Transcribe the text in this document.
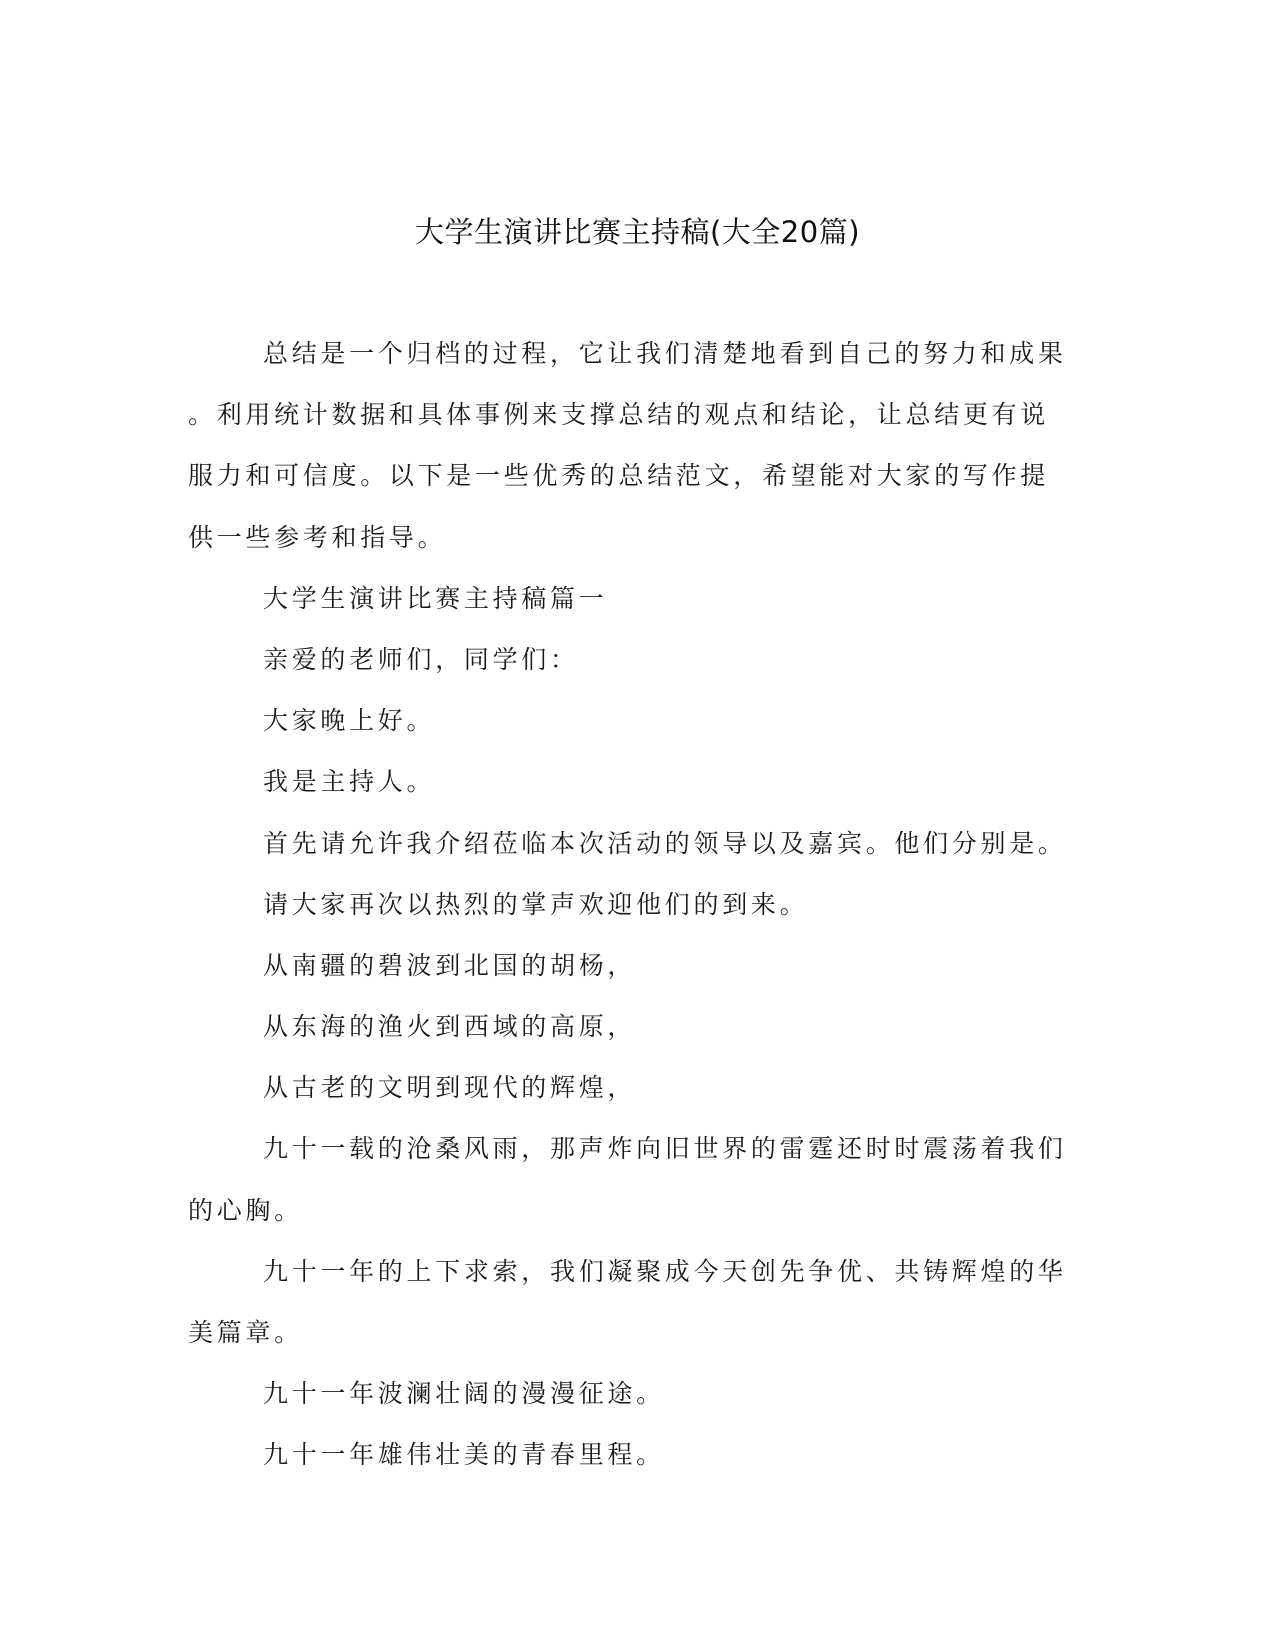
大学生演讲比赛主持稿(大全20篇)
总结是一个归档的过程，它让我们清楚地看到自己的努力和成果
。利用统计数据和具体事例来支撑总结的观点和结论，让总结更有说
服力和可信度。以下是一些优秀的总结范文，希望能对大家的写作提
供一些参考和指导。
大学生演讲比赛主持稿篇一
亲爱的老师们，同学们：
大家晚上好。
我是主持人。
首先请允许我介绍莅临本次活动的领导以及嘉宾。他们分别是。
请大家再次以热烈的掌声欢迎他们的到来。
从南疆的碧波到北国的胡杨，
从东海的渔火到西域的高原，
从古老的文明到现代的辉煌，
九十一载的沧桑风雨，那声炸向旧世界的雷霆还时时震荡着我们
的心胸。
九十一年的上下求索，我们凝聚成今天创先争优、共铸辉煌的华
美篇章。
九十一年波澜壮阔的漫漫征途。
九十一年雄伟壮美的青春里程。
